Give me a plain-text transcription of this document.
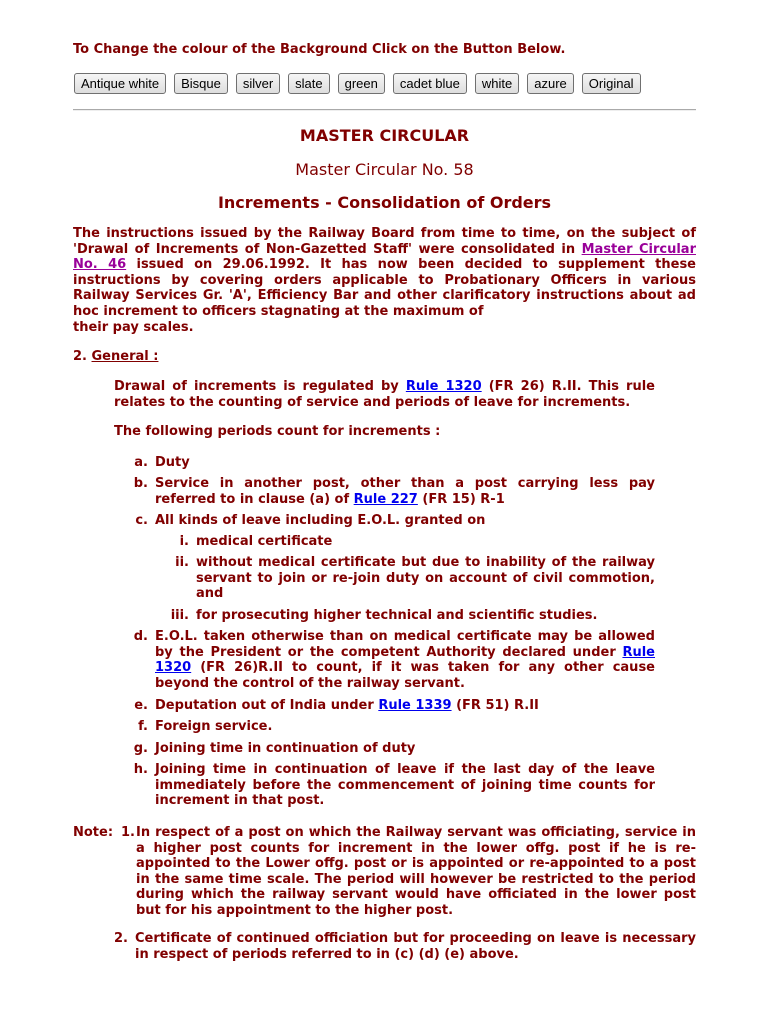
To Change the colour of the Background Click on the Button Below.
Antique white	Bisque	silver	slate	green	cadet blue	white	azure	Original
MASTER CIRCULAR
Master Circular No. 58
Increments - Consolidation of Orders
The instructions issued by the Railway Board from time to time, on the subject of 'Drawal of Increments of Non-Gazetted Staff' were consolidated in Master Circular No. 46 issued on 29.06.1992. It has now been decided to supplement these instructions by covering orders applicable to Probationary Officers in various Railway Services Gr. 'A', Efficiency Bar and other clarificatory instructions about ad hoc increment to officers stagnating at the maximum of
their pay scales.
2. General :
Drawal of increments is regulated by Rule 1320 (FR 26) R.II. This rule relates to the counting of service and periods of leave for increments.
The following periods count for increments :
a. Duty
b. Service in another post, other than a post carrying less pay referred to in clause (a) of Rule 227 (FR 15) R-1
c. All kinds of leave including E.O.L. granted on
i. medical certificate
ii. without medical certificate but due to inability of the railway servant to join or re-join duty on account of civil commotion, and
iii. for prosecuting higher technical and scientific studies.
d. E.O.L. taken otherwise than on medical certificate may be allowed by the President or the competent Authority declared under Rule 1320 (FR 26)R.II to count, if it was taken for any other cause beyond the control of the railway servant.
e. Deputation out of India under Rule 1339 (FR 51) R.II
f. Foreign service.
g. Joining time in continuation of duty
h. Joining time in continuation of leave if the last day of the leave immediately before the commencement of joining time counts for increment in that post.
Note: 1. In respect of a post on which the Railway servant was officiating, service in a higher post counts for increment in the lower offg. post if he is re-appointed to the Lower offg. post or is appointed or re-appointed to a post in the same time scale. The period will however be restricted to the period during which the railway servant would have officiated in the lower post but for his appointment to the higher post.
2. Certificate of continued officiation but for proceeding on leave is necessary in respect of periods referred to in (c) (d) (e) above.
